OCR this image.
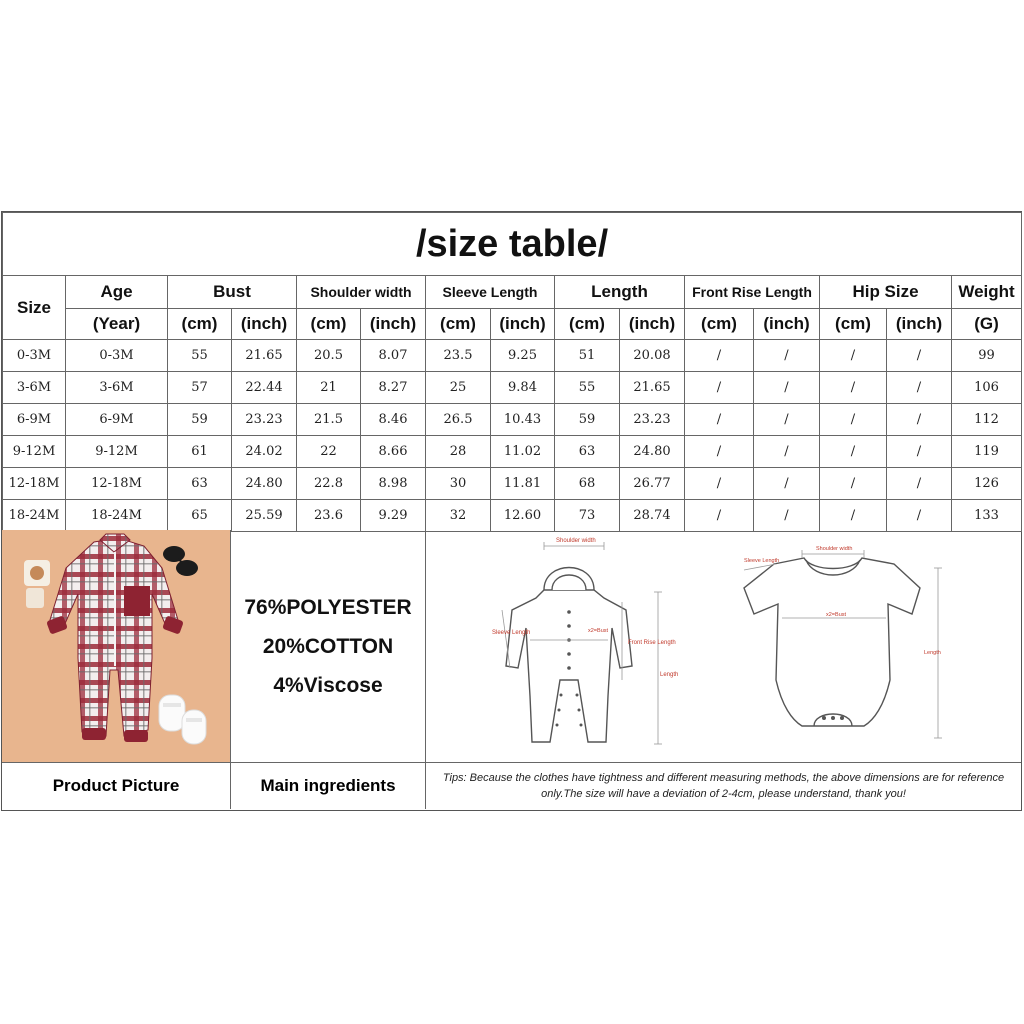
/size table/														
Size	Age	Bust		Shoulder width		Sleeve Length		Length		Front Rise Length		Hip Size		Weight
	(Year)	(cm)	(inch)	(cm)	(inch)	(cm)	(inch)	(cm)	(inch)	(cm)	(inch)	(cm)	(inch)	(G)
0-3M	0-3M	55	21.65	20.5	8.07	23.5	9.25	51	20.08	/	/	/	/	99
3-6M	3-6M	57	22.44	21	8.27	25	9.84	55	21.65	/	/	/	/	106
6-9M	6-9M	59	23.23	21.5	8.46	26.5	10.43	59	23.23	/	/	/	/	112
9-12M	9-12M	61	24.02	22	8.66	28	11.02	63	24.80	/	/	/	/	119
12-18M	12-18M	63	24.80	22.8	8.98	30	11.81	68	26.77	/	/	/	/	126
18-24M	18-24M	65	25.59	23.6	9.29	32	12.60	73	28.74	/	/	/	/	133
76%POLYESTER
20%COTTON
4%Viscose
Shoulder width
Sleeve Length	x2=Bust
Front Rise Length
Length
Shoulder width
Sleeve Length
x2=Bust
Length
Product Picture	Main ingredients	Tips: Because the clothes have tightness and different measuring methods, the above dimensions are for reference only.The size will have a deviation of 2-4cm, please understand, thank you!
